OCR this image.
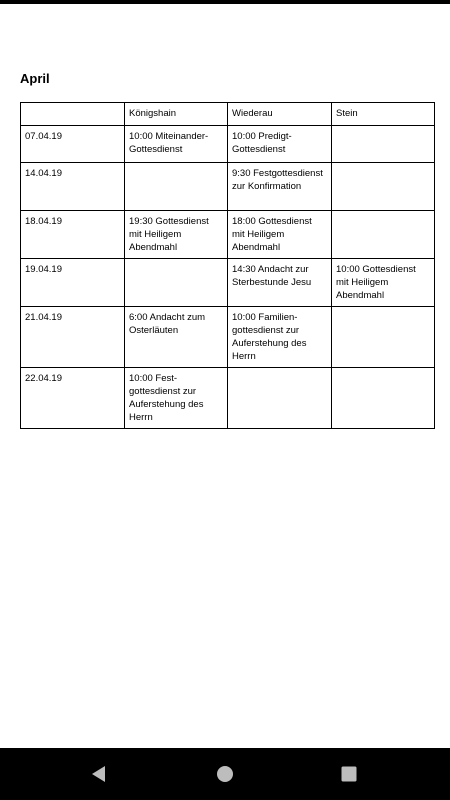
April
	Königshain	Wiederau	Stein
07.04.19	10:00 Miteinander-Gottesdienst	10:00 Predigt-Gottesdienst	
14.04.19		9:30 Festgottesdienst zur Konfirmation	
18.04.19	19:30 Gottesdienst mit Heiligem Abendmahl	18:00 Gottesdienst mit Heiligem Abendmahl	
19.04.19		14:30 Andacht zur Sterbestunde Jesu	10:00 Gottesdienst mit Heiligem Abendmahl
21.04.19	6:00 Andacht zum Osterläuten	10:00 Familien-gottesdienst zur Auferstehung des Herrn	
22.04.19	10:00 Fest-gottesdienst zur Auferstehung des Herrn		
